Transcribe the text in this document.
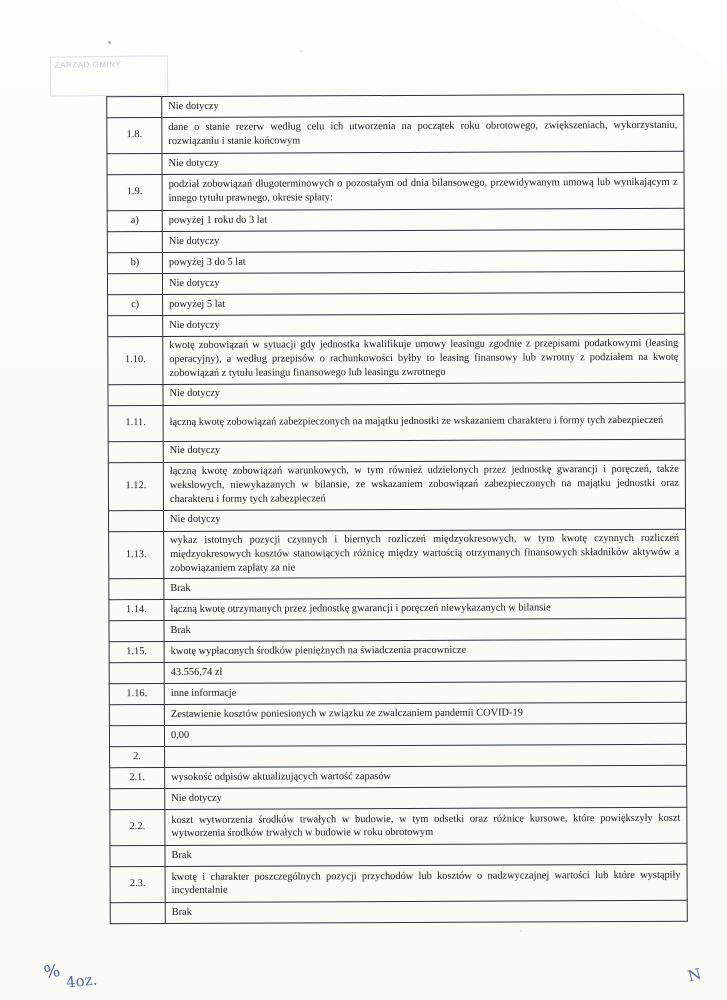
ZARZĄD GMINY
	Nie dotyczy
1.8.	dane o stanie rezerw według celu ich utworzenia na początek roku obrotowego, zwiększeniach, wykorzystaniu, rozwiązaniu i stanie końcowym
	Nie dotyczy
1.9.	podział zobowiązań długoterminowych o pozostałym od dnia bilansowego, przewidywanym umową lub wynikającym z innego tytułu prawnego, okresie spłaty:
a)	powyżej 1 roku do 3 lat
	Nie dotyczy
b)	powyżej 3 do 5 lat
	Nie dotyczy
c)	powyżej 5 lat
	Nie dotyczy
1.10.	kwotę zobowiązań w sytuacji gdy jednostka kwalifikuje umowy leasingu zgodnie z przepisami podatkowymi (leasing operacyjny), a według przepisów o rachunkowości byłby to leasing finansowy lub zwrotny z podziałem na kwotę zobowiązań z tytułu leasingu finansowego lub leasingu zwrotnego
	Nie dotyczy
1.11.	łączną kwotę zobowiązań zabezpieczonych na majątku jednostki ze wskazaniem charakteru i formy tych zabezpieczeń
	Nie dotyczy
1.12.	łączną kwotę zobowiązań warunkowych, w tym również udzielonych przez jednostkę gwarancji i poręczeń, także wekslowych, niewykazanych w bilansie, ze wskazaniem zobowiązań zabezpieczonych na majątku jednostki oraz charakteru i formy tych zabezpieczeń
	Nie dotyczy
1.13.	wykaz istotnych pozycji czynnych i biernych rozliczeń międzyokresowych, w tym kwotę czynnych rozliczeń międzyokresowych kosztów stanowiących różnicę między wartością otrzymanych finansowych składników aktywów a zobowiązaniem zapłaty za nie
	Brak
1.14.	łączną kwotę otrzymanych przez jednostkę gwarancji i poręczeń niewykazanych w bilansie
	Brak
1.15.	kwotę wypłaconych środków pieniężnych na świadczenia pracownicze
	43.556,74 zł
1.16.	inne informacje
	Zestawienie kosztów poniesionych w związku ze zwalczaniem pandemii COVID-19
	0,00
2.	
2.1.	wysokość odpisów aktualizujących wartość zapasów
	Nie dotyczy
2.2.	koszt wytworzenia środków trwałych w budowie, w tym odsetki oraz różnice kursowe, które powiększyły koszt wytworzenia środków trwałych w budowie w roku obrotowym
	Brak
2.3.	kwotę i charakter poszczególnych pozycji przychodów lub kosztów o nadzwyczajnej wartości lub które wystąpiły incydentalnie
	Brak
% 4oz.	N
